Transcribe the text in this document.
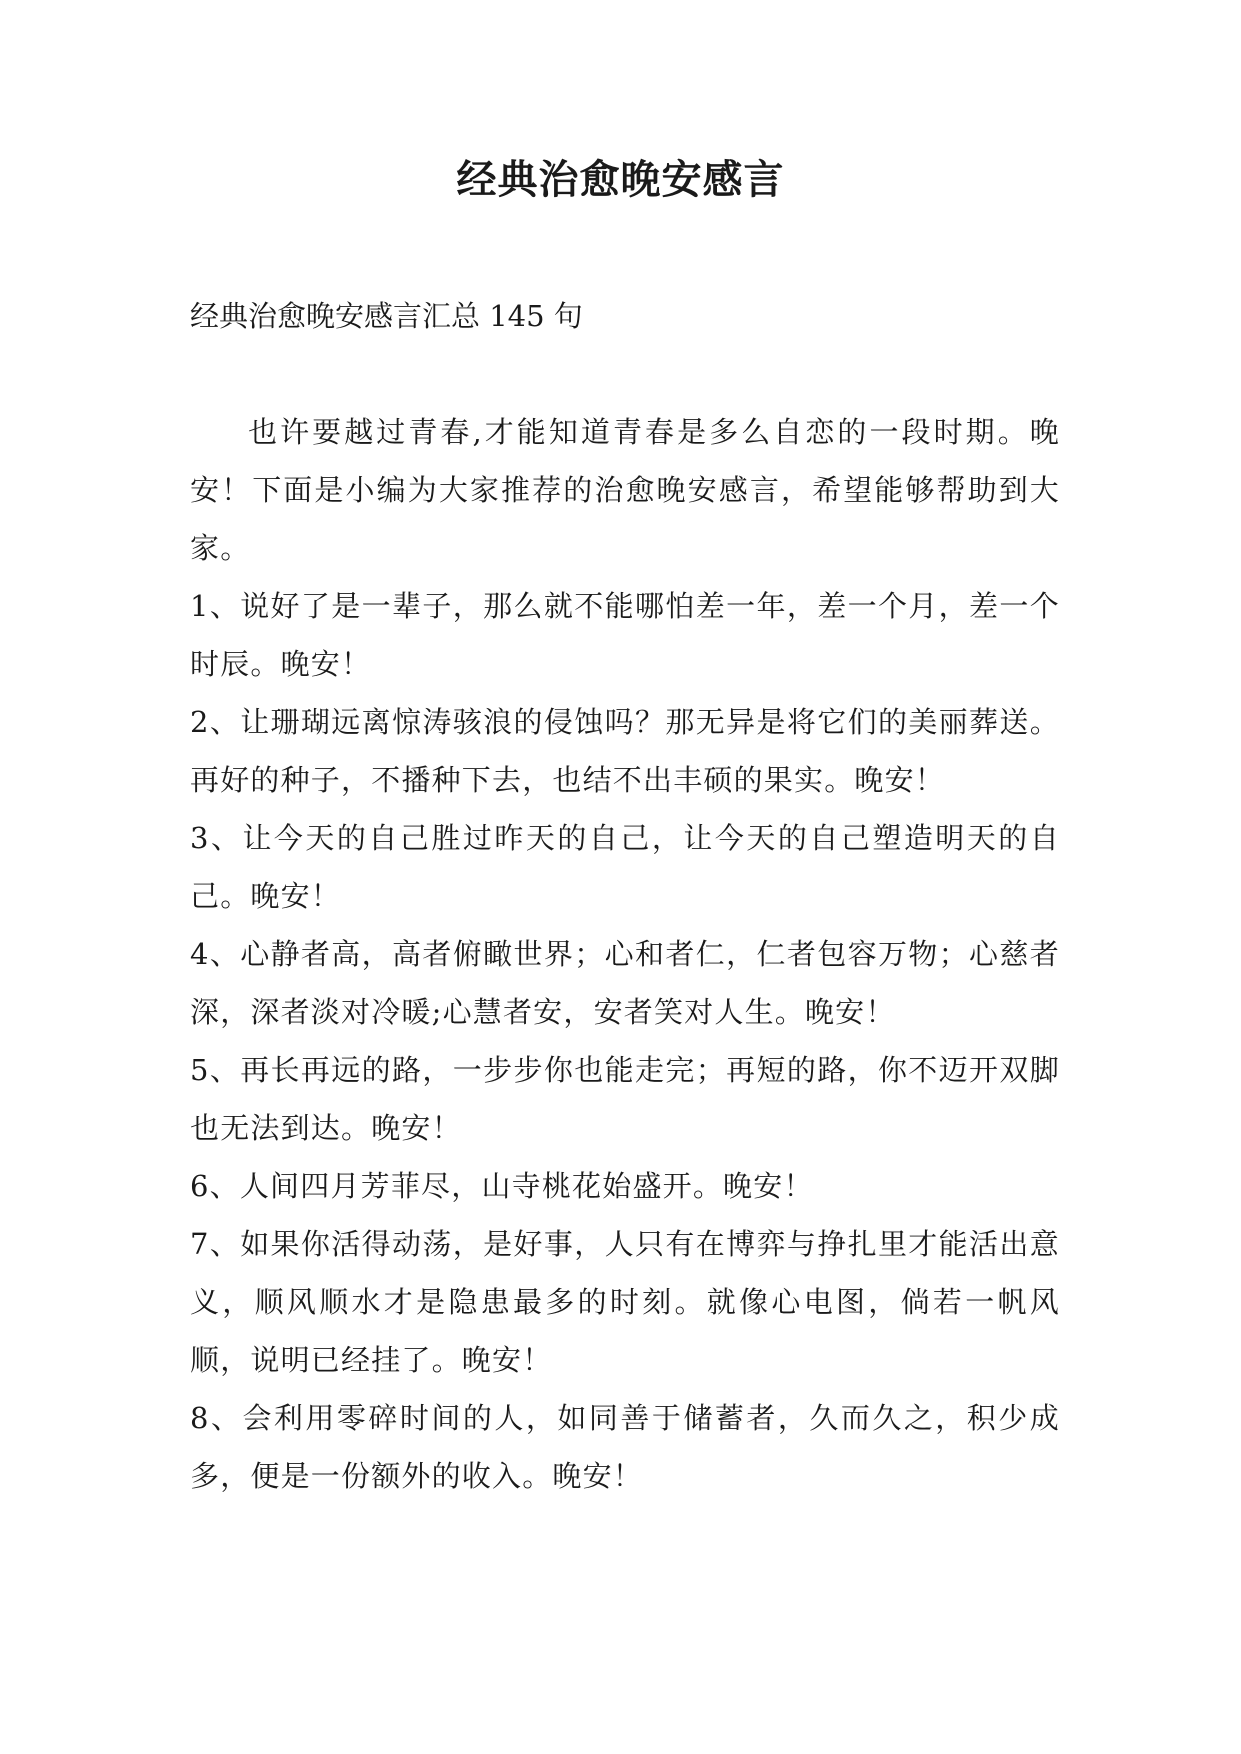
经典治愈晚安感言
经典治愈晚安感言汇总 145 句

也许要越过青春,才能知道青春是多么自恋的一段时期。晚安！下面是小编为大家推荐的治愈晚安感言，希望能够帮助到大家。

1、说好了是一辈子，那么就不能哪怕差一年，差一个月，差一个时辰。晚安！

2、让珊瑚远离惊涛骇浪的侵蚀吗？那无异是将它们的美丽葬送。再好的种子，不播种下去，也结不出丰硕的果实。晚安！

3、让今天的自己胜过昨天的自己，让今天的自己塑造明天的自己。晚安！

4、心静者高，高者俯瞰世界；心和者仁，仁者包容万物；心慈者深，深者淡对冷暖;心慧者安，安者笑对人生。晚安！

5、再长再远的路，一步步你也能走完；再短的路，你不迈开双脚也无法到达。晚安！

6、人间四月芳菲尽，山寺桃花始盛开。晚安！

7、如果你活得动荡，是好事，人只有在博弈与挣扎里才能活出意义，顺风顺水才是隐患最多的时刻。就像心电图，倘若一帆风顺，说明已经挂了。晚安！

8、会利用零碎时间的人，如同善于储蓄者，久而久之，积少成多，便是一份额外的收入。晚安！
